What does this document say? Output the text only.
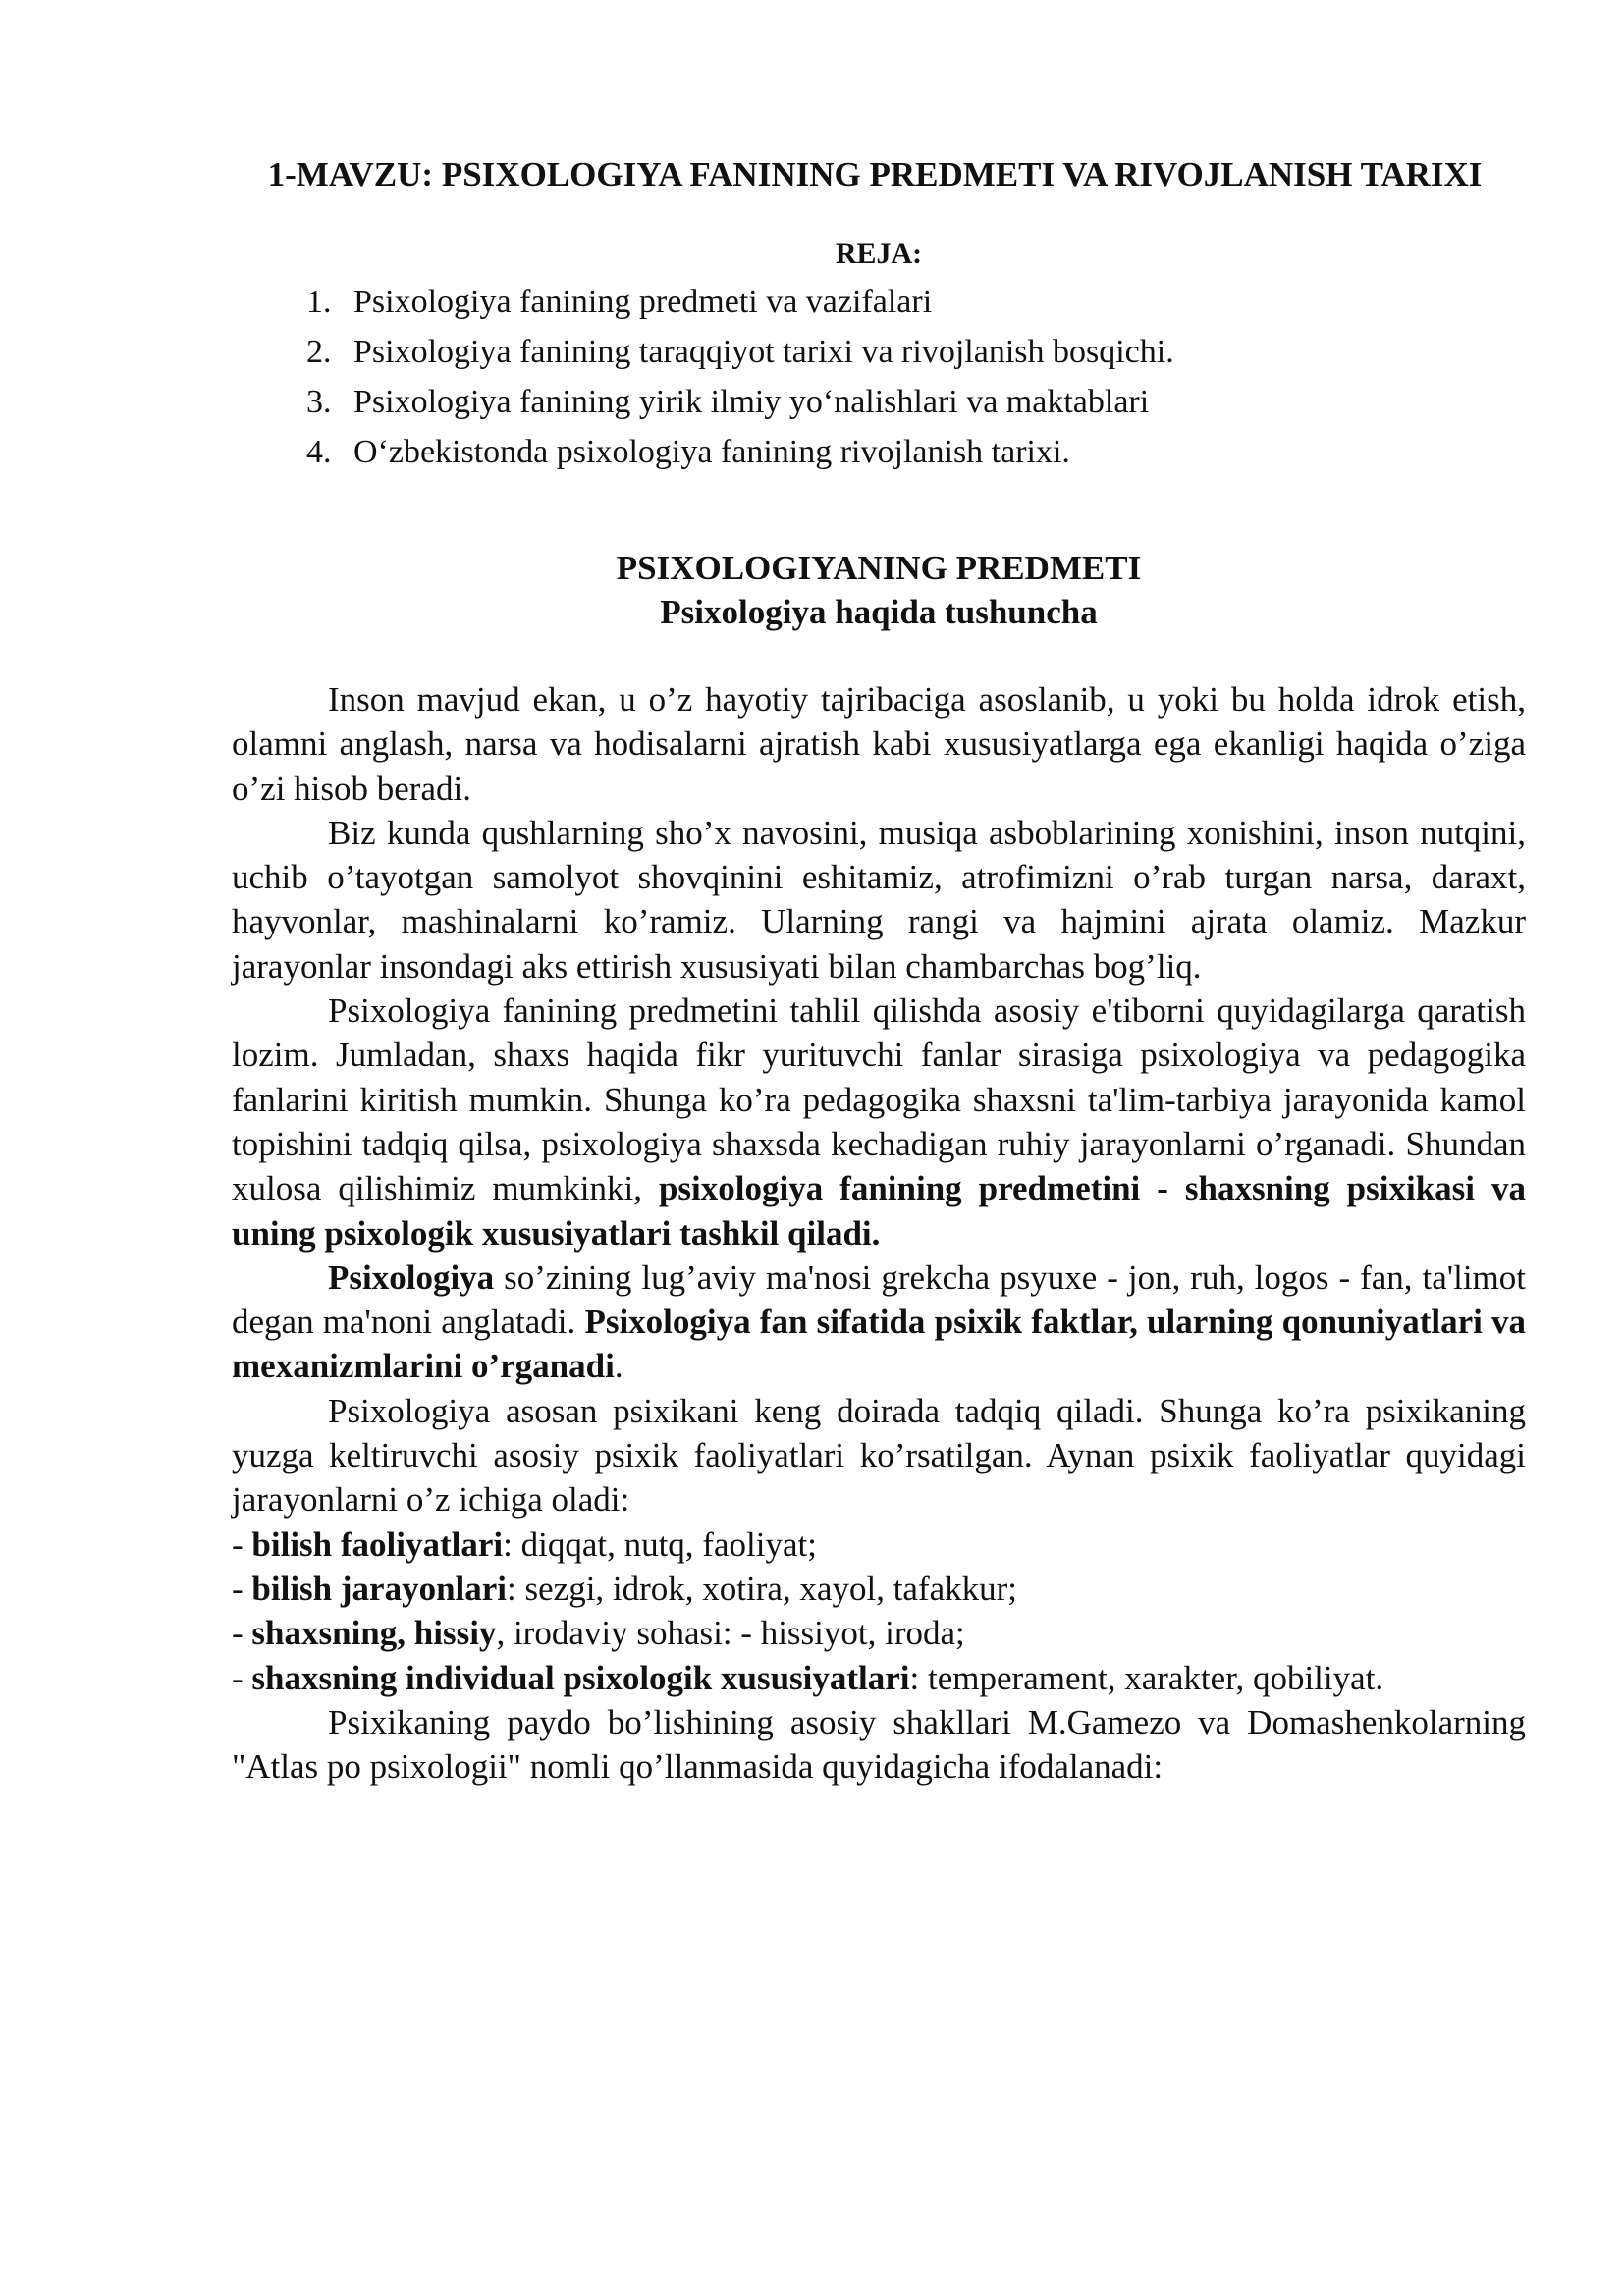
1-MAVZU: PSIXOLOGIYA FANINING PREDMETI VA RIVOJLANISH TARIXI
REJA:
1. Psixologiya fanining predmeti va vazifalari
2. Psixologiya fanining taraqqiyot tarixi va rivojlanish bosqichi.
3. Psixologiya fanining yirik ilmiy yo‘nalishlari va maktablari
4. O‘zbekistonda psixologiya fanining rivojlanish tarixi.
PSIXOLOGIYANING PREDMETI
Psixologiya haqida tushuncha

Inson mavjud ekan, u o’z hayotiy tajribaciga asoslanib, u yoki bu holda idrok etish, olamni anglash, narsa va hodisalarni ajratish kabi xususiyatlarga ega ekanligi haqida o’ziga o’zi hisob beradi.

Biz kunda qushlarning sho’x navosini, musiqa asboblarining xonishini, inson nutqini, uchib o’tayotgan samolyot shovqinini eshitamiz, atrofimizni o’rab turgan narsa, daraxt, hayvonlar, mashinalarni ko’ramiz. Ularning rangi va hajmini ajrata olamiz. Mazkur jarayonlar insondagi aks ettirish xususiyati bilan chambarchas bog’liq.

Psixologiya fanining predmetini tahlil qilishda asosiy e'tiborni quyidagilarga qaratish lozim. Jumladan, shaxs haqida fikr yurituvchi fanlar sirasiga psixologiya va pedagogika fanlarini kiritish mumkin. Shunga ko’ra pedagogika shaxsni ta'lim-tarbiya jarayonida kamol topishini tadqiq qilsa, psixologiya shaxsda kechadigan ruhiy jarayonlarni o’rganadi. Shundan xulosa qilishimiz mumkinki, psixologiya fanining predmetini - shaxsning psixikasi va uning psixologik xususiyatlari tashkil qiladi.

Psixologiya so’zining lug’aviy ma'nosi grekcha psyuxe - jon, ruh, logos - fan, ta'limot degan ma'noni anglatadi. Psixologiya fan sifatida psixik faktlar, ularning qonuniyatlari va mexanizmlarini o’rganadi.

Psixologiya asosan psixikani keng doirada tadqiq qiladi. Shunga ko’ra psixikaning yuzga keltiruvchi asosiy psixik faoliyatlari ko’rsatilgan. Aynan psixik faoliyatlar quyidagi jarayonlarni o’z ichiga oladi:

- bilish faoliyatlari: diqqat, nutq, faoliyat;

- bilish jarayonlari: sezgi, idrok, xotira, xayol, tafakkur;

- shaxsning, hissiy, irodaviy sohasi: - hissiyot, iroda;

- shaxsning individual psixologik xususiyatlari: temperament, xarakter, qobiliyat.

Psixikaning paydo bo’lishining asosiy shakllari M.Gamezo va Domashenkolarning "Atlas po psixologii" nomli qo’llanmasida quyidagicha ifodalanadi:
